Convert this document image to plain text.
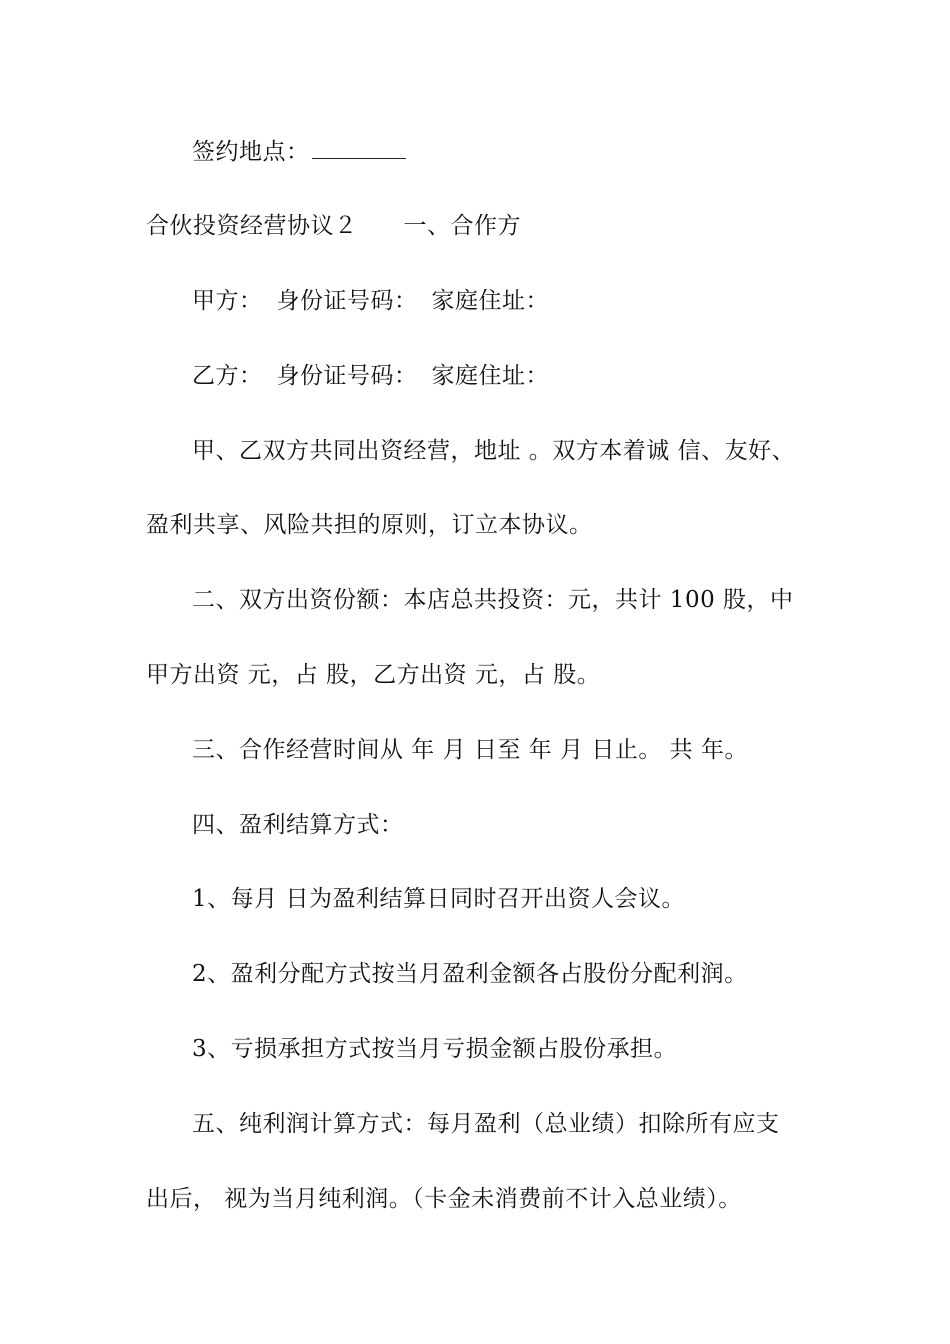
签约地点：
合伙投资经营协议２ 一、合作方
甲方： 身份证号码： 家庭住址：
乙方： 身份证号码： 家庭住址：
甲、乙双方共同出资经营，地址 。双方本着诚 信、友好、
盈利共享、风险共担的原则，订立本协议。
二、双方出资份额：本店总共投资：元，共计 100 股，中
甲方出资 元，占 股，乙方出资 元，占 股。
三、合作经营时间从 年 月 日至 年 月 日止。 共 年。
四、盈利结算方式：
1、每月 日为盈利结算日同时召开出资人会议。
2、盈利分配方式按当月盈利金额各占股份分配利润。
3、亏损承担方式按当月亏损金额占股份承担。
五、纯利润计算方式：每月盈利（总业绩）扣除所有应支
出后， 视为当月纯利润。（卡金未消费前不计入总业绩）。
